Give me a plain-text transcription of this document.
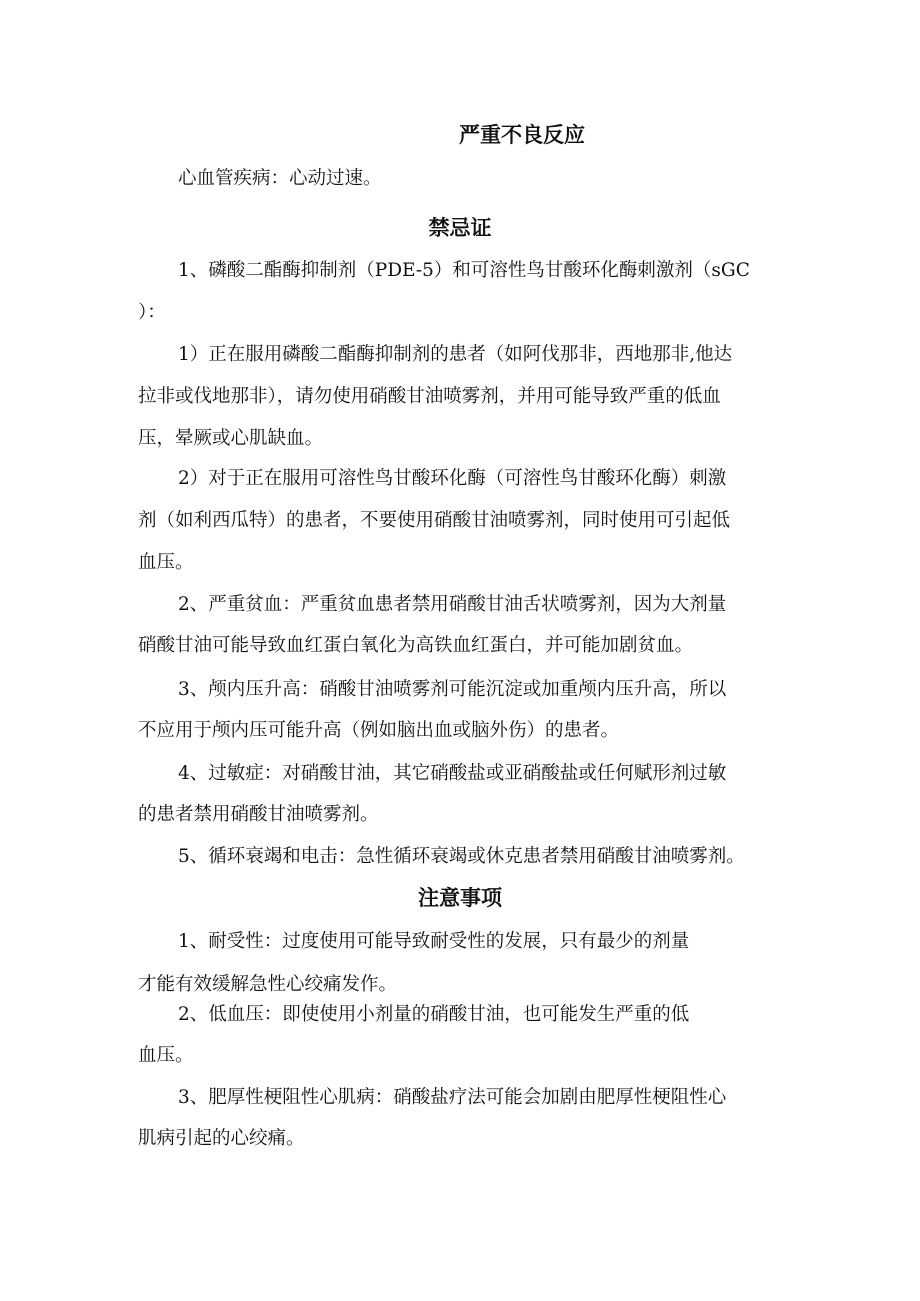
严重不良反应
心血管疾病：心动过速。
禁忌证
1、磷酸二酯酶抑制剂（PDE-5）和可溶性鸟甘酸环化酶刺激剂（sGC
）：
1）正在服用磷酸二酯酶抑制剂的患者（如阿伐那非，西地那非,他达
拉非或伐地那非），请勿使用硝酸甘油喷雾剂，并用可能导致严重的低血
压，晕厥或心肌缺血。
2）对于正在服用可溶性鸟甘酸环化酶（可溶性鸟甘酸环化酶）刺激
剂（如利西瓜特）的患者，不要使用硝酸甘油喷雾剂，同时使用可引起低
血压。
2、严重贫血：严重贫血患者禁用硝酸甘油舌状喷雾剂，因为大剂量
硝酸甘油可能导致血红蛋白氧化为高铁血红蛋白，并可能加剧贫血。
3、颅内压升高：硝酸甘油喷雾剂可能沉淀或加重颅内压升高，所以
不应用于颅内压可能升高（例如脑出血或脑外伤）的患者。
4、过敏症：对硝酸甘油，其它硝酸盐或亚硝酸盐或任何赋形剂过敏
的患者禁用硝酸甘油喷雾剂。
5、循环衰竭和电击：急性循环衰竭或休克患者禁用硝酸甘油喷雾剂。
注意事项
1、耐受性：过度使用可能导致耐受性的发展，只有最少的剂量
才能有效缓解急性心绞痛发作。
2、低血压：即使使用小剂量的硝酸甘油，也可能发生严重的低
血压。
3、肥厚性梗阻性心肌病：硝酸盐疗法可能会加剧由肥厚性梗阻性心
肌病引起的心绞痛。
